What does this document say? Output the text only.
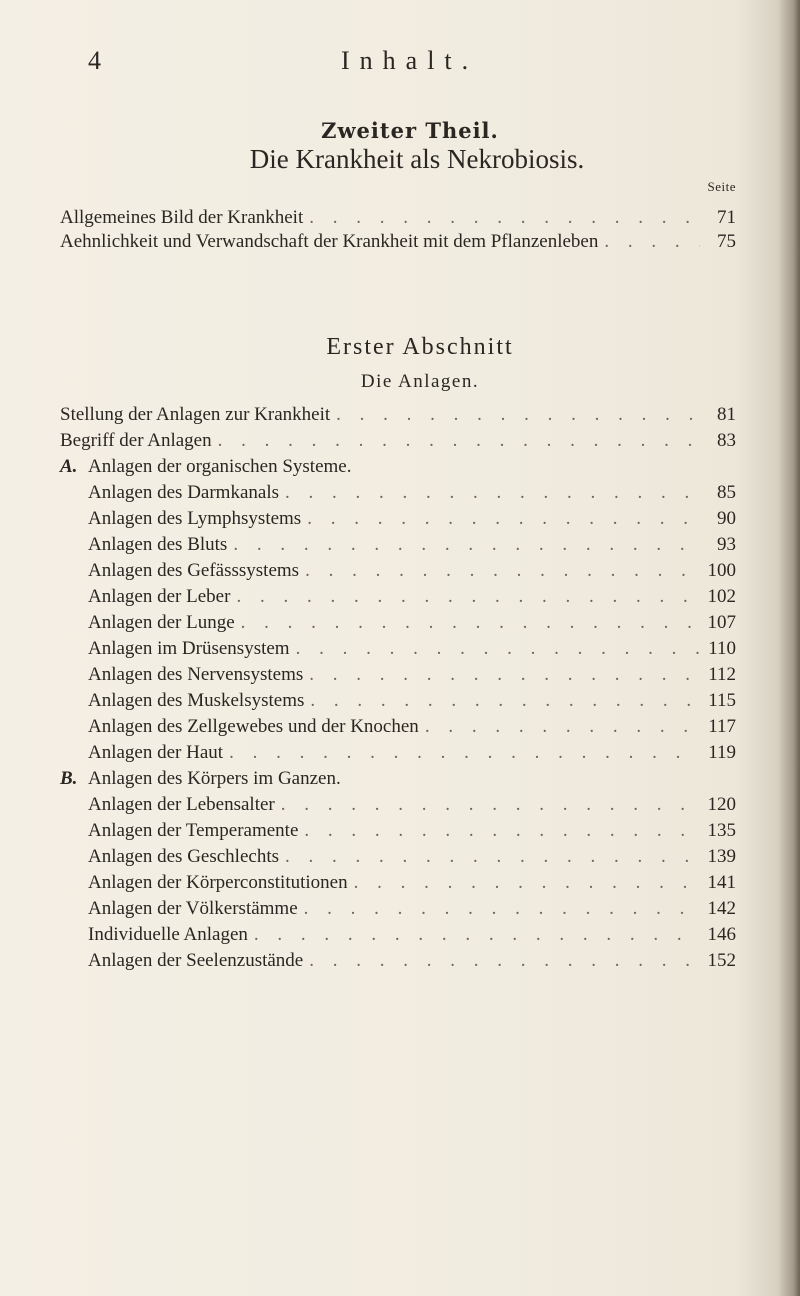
4	Inhalt.
Zweiter Theil.
Die Krankheit als Nekrobiosis.
Seite
Allgemeines Bild der Krankheit . . .	71
Aehnlichkeit und Verwandschaft der Krankheit mit dem Pflanzenleben . . .	75
Erster Abschnitt
Die Anlagen.
Stellung der Anlagen zur Krankheit . . .	81
Begriff der Anlagen . . .	83
A. Anlagen der organischen Systeme.
Anlagen des Darmkanals . . .	85
Anlagen des Lymphsystems . . .	90
Anlagen des Bluts . . .	93
Anlagen des Gefässsystems . . .	100
Anlagen der Leber . . .	102
Anlagen der Lunge . . .	107
Anlagen im Drüsensystem . . .	110
Anlagen des Nervensystems . . .	112
Anlagen des Muskelsystems . . .	115
Anlagen des Zellgewebes und der Knochen . . .	117
Anlagen der Haut . . .	119
B. Anlagen des Körpers im Ganzen.
Anlagen der Lebensalter . . .	120
Anlagen der Temperamente . . .	135
Anlagen des Geschlechts . . .	139
Anlagen der Körperconstitutionen . . .	141
Anlagen der Völkerstämme . . .	142
Individuelle Anlagen . . .	146
Anlagen der Seelenzustände . . .	152
